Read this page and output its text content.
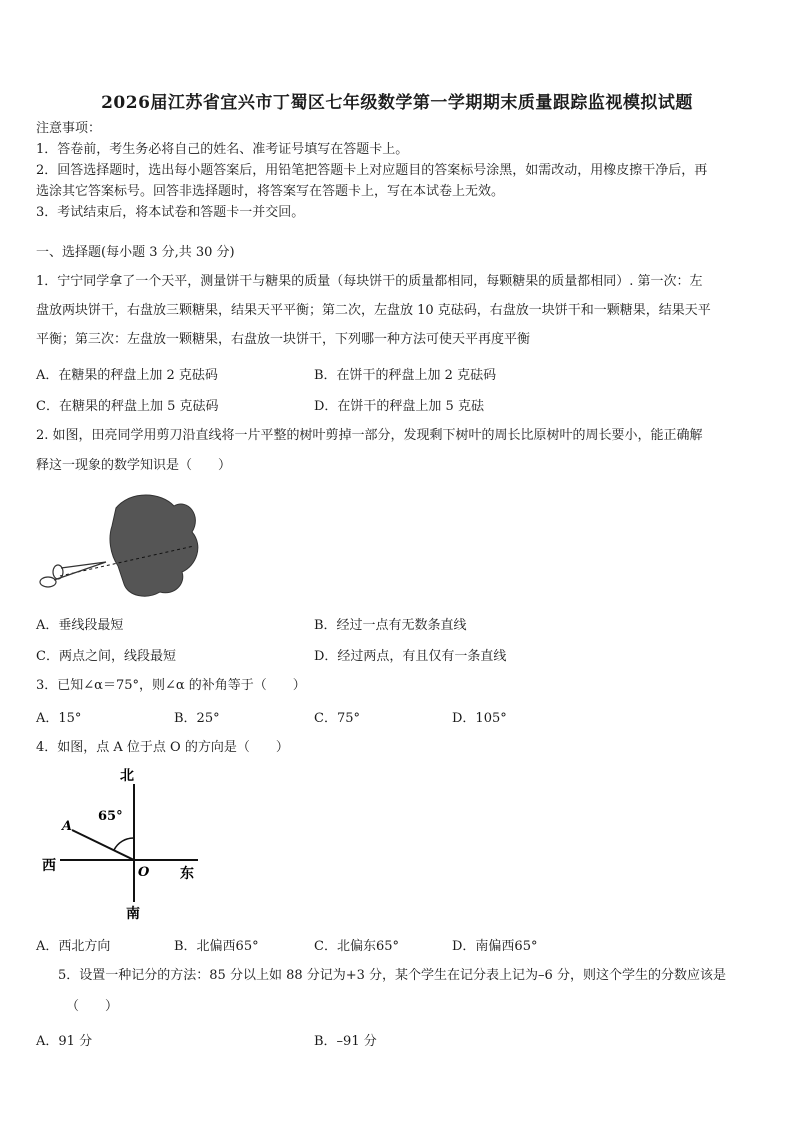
2026届江苏省宜兴市丁蜀区七年级数学第一学期期末质量跟踪监视模拟试题
注意事项：
1．答卷前，考生务必将自己的姓名、准考证号填写在答题卡上。
2．回答选择题时，选出每小题答案后，用铅笔把答题卡上对应题目的答案标号涂黑，如需改动，用橡皮擦干净后，再
选涂其它答案标号。回答非选择题时，将答案写在答题卡上，写在本试卷上无效。
3．考试结束后，将本试卷和答题卡一并交回。
一、选择题(每小题 3 分,共 30 分)
1．宁宁同学拿了一个天平，测量饼干与糖果的质量（每块饼干的质量都相同，每颗糖果的质量都相同）. 第一次：左
盘放两块饼干，右盘放三颗糖果，结果天平平衡；第二次，左盘放 10 克砝码，右盘放一块饼干和一颗糖果，结果天平
平衡；第三次：左盘放一颗糖果，右盘放一块饼干，下列哪一种方法可使天平再度平衡
A．在糖果的秤盘上加 2 克砝码	B．在饼干的秤盘上加 2 克砝码
C．在糖果的秤盘上加 5 克砝码	D．在饼干的秤盘上加 5 克砝
2. 如图，田亮同学用剪刀沿直线将一片平整的树叶剪掉一部分，发现剩下树叶的周长比原树叶的周长要小，能正确解
释这一现象的数学知识是（　　）
A．垂线段最短	B．经过一点有无数条直线
C．两点之间，线段最短	D．经过两点，有且仅有一条直线
3．已知∠α＝75°，则∠α 的补角等于（　　）
A．15°	B．25°	C．75°	D．105°
4．如图，点 A 位于点 O 的方向是（　　）
北
南
西	东
65°
A
O
A．西北方向	B．北偏西65°	C．北偏东65°	D．南偏西65°
5．设置一种记分的方法：85 分以上如 88 分记为+3 分，某个学生在记分表上记为–6 分，则这个学生的分数应该是
（　　）
A．91 分	B．–91 分
